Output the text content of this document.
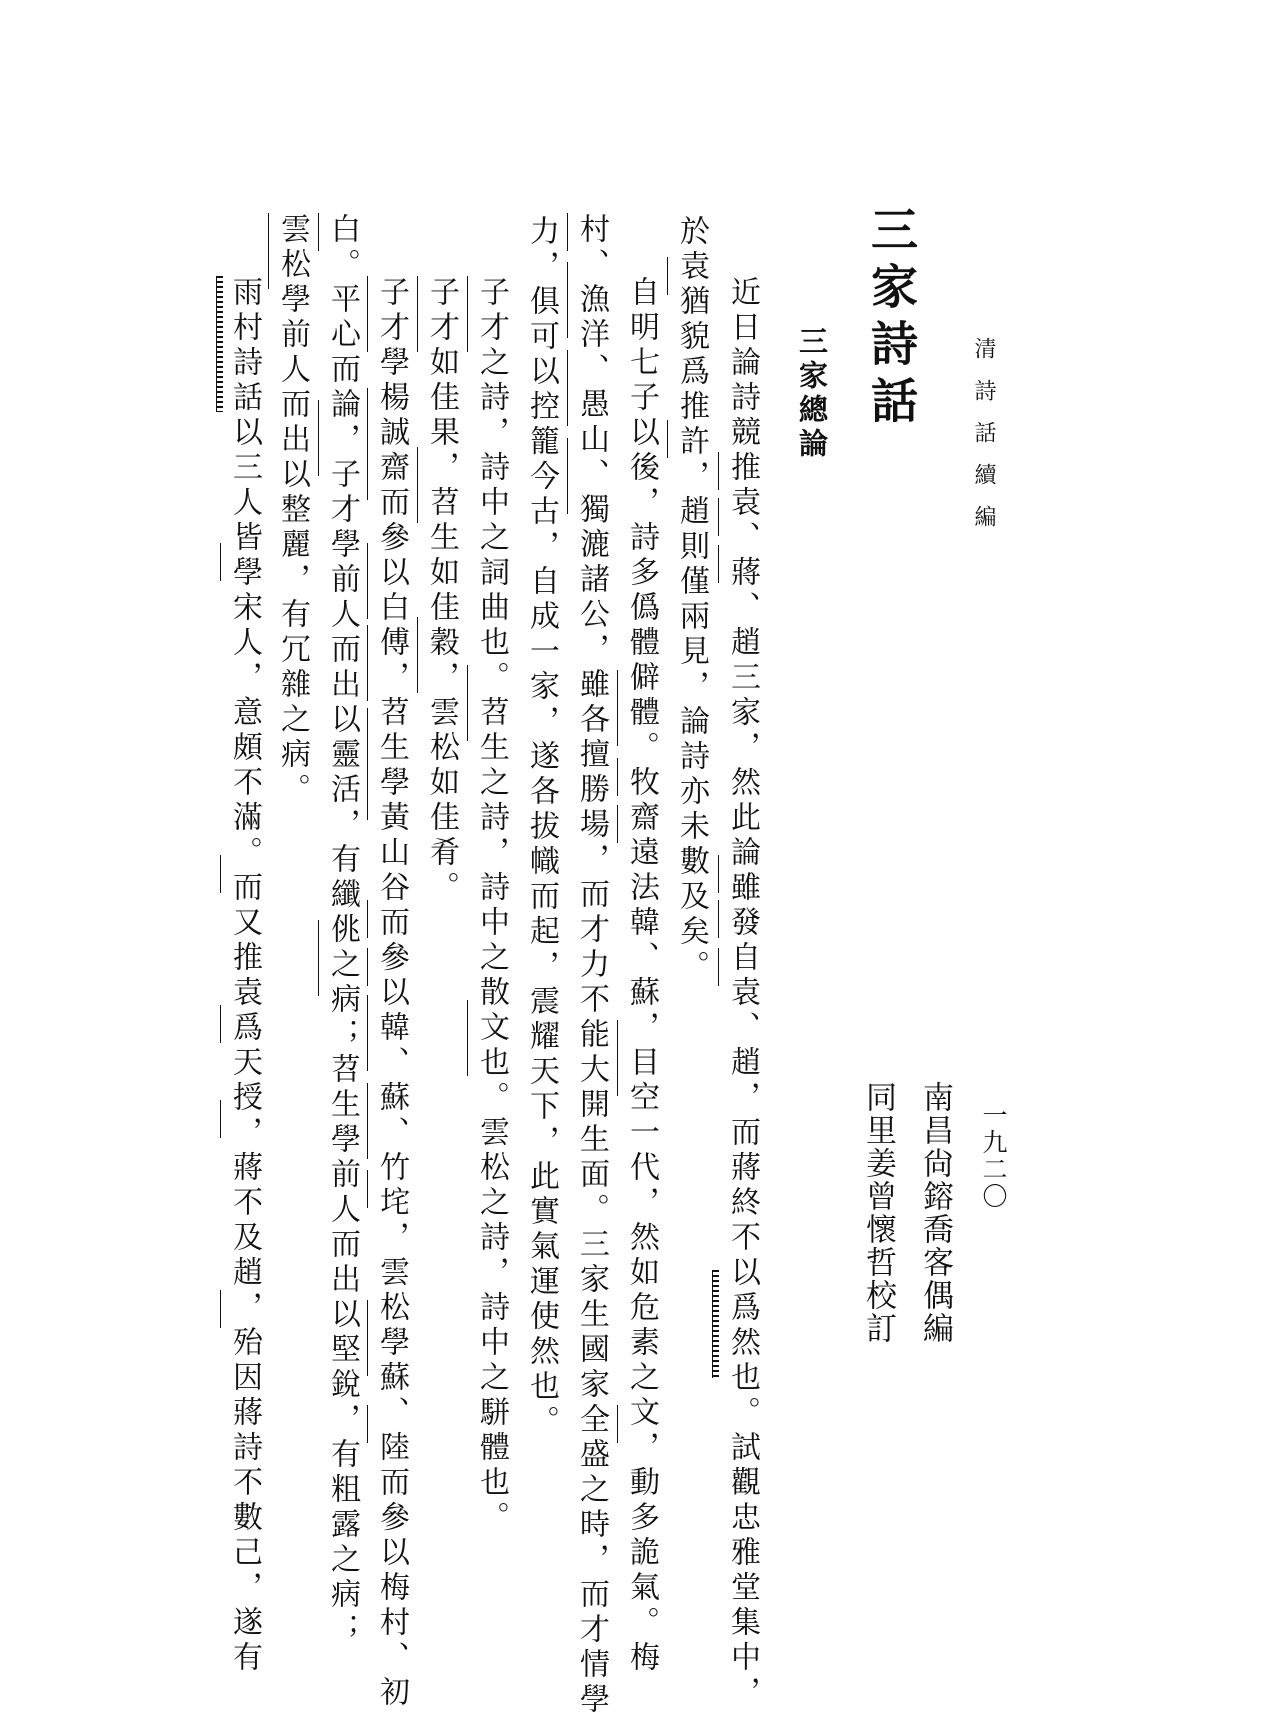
清詩話續編
一九二〇
三家詩話
南昌尙鎔喬客偶編
同里姜曾懷哲校訂
三家總論
近日論詩競推袁、蔣、趙三家，然此論雖發自袁、趙，而蔣終不以爲然也。試觀忠雅堂集中，
於袁猶貌爲推許，趙則僅兩見，論詩亦未數及矣。
自明七子以後，詩多僞體僻體。牧齋遠法韓、蘇，目空一代，然如危素之文，動多詭氣。梅
村、漁洋、愚山、獨漉諸公，雖各擅勝場，而才力不能大開生面。三家生國家全盛之時，而才情學
力，俱可以控籠今古，自成一家，遂各拔幟而起，震耀天下，此實氣運使然也。
子才之詩，詩中之詞曲也。苕生之詩，詩中之散文也。雲松之詩，詩中之駢體也。
子才如佳果，苕生如佳穀，雲松如佳肴。
子才學楊誠齋而參以白傅，苕生學黃山谷而參以韓、蘇、竹垞，雲松學蘇、陸而參以梅村、初
白。平心而論，子才學前人而出以靈活，有纖佻之病；苕生學前人而出以堅銳，有粗露之病；
雲松學前人而出以整麗，有冗雜之病。
雨村詩話以三人皆學宋人，意頗不滿。而又推袁爲天授，蔣不及趙，殆因蔣詩不數己，遂有
